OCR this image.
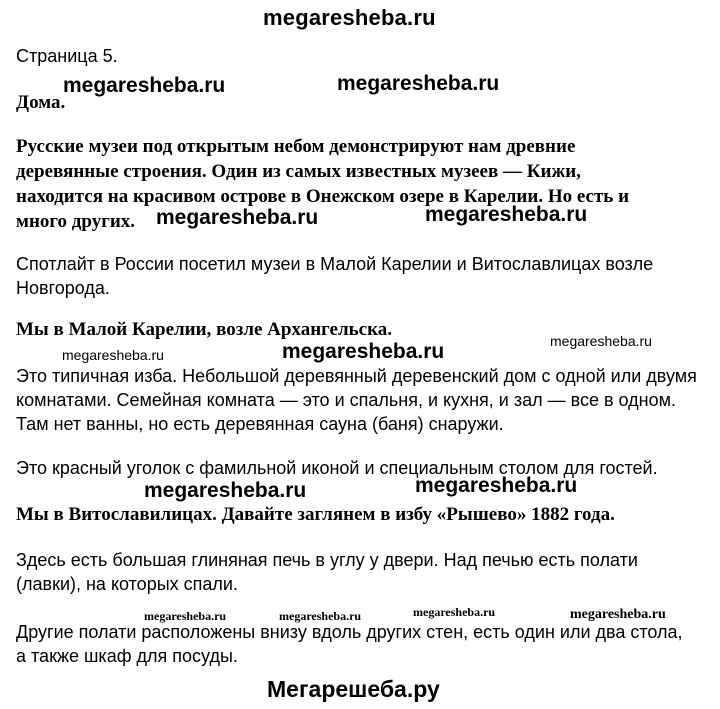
megaresheba.ru
Страница 5.
megaresheba.ru	megaresheba.ru
Дома.
Русские музеи под открытым небом демонстрируют нам древние
деревянные строения. Один из самых известных музеев — Кижи,
находится на красивом острове в Онежском озере в Карелии. Но есть и
много других. megaresheba.ru	megaresheba.ru
Спотлайт в России посетил музеи в Малой Карелии и Витославлицах возле
Новгорода.
Мы в Малой Карелии, возле Архангельска.
megaresheba.ru	megaresheba.ru	megaresheba.ru
Это типичная изба. Небольшой деревянный деревенский дом с одной или двумя
комнатами. Семейная комната — это и спальня, и кухня, и зал — все в одном.
Там нет ванны, но есть деревянная сауна (баня) снаружи.
Это красный уголок с фамильной иконой и специальным столом для гостей.
megaresheba.ru	megaresheba.ru
Мы в Витославилицах. Давайте заглянем в избу «Рышево» 1882 года.
Здесь есть большая глиняная печь в углу у двери. Над печью есть полати
(лавки), на которых спали.
megaresheba.ru	megaresheba.ru	megaresheba.ru	megaresheba.ru
Другие полати расположены внизу вдоль других стен, есть один или два стола,
а также шкаф для посуды.
Мегарешеба.ру
